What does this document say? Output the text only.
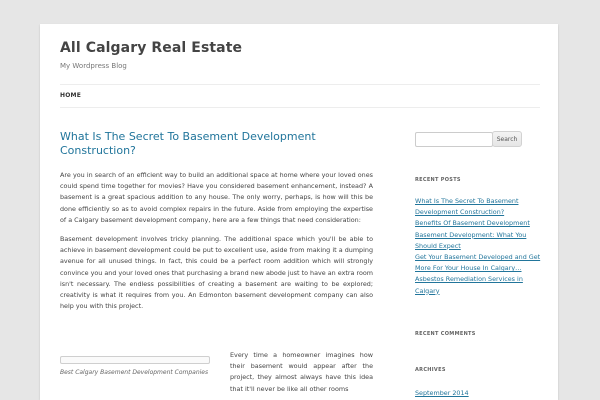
All Calgary Real Estate
My Wordpress Blog
HOME
What Is The Secret To Basement Development Construction?

Are you in search of an efficient way to build an additional space at home where your loved ones could spend time together for movies? Have you considered basement enhancement, instead? A basement is a great spacious addition to any house. The only worry, perhaps, is how will this be done efficiently so as to avoid complex repairs in the future. Aside from employing the expertise of a Calgary basement development company, here are a few things that need consideration:

Basement development involves tricky planning. The additional space which you'll be able to achieve in basement development could be put to excellent use, aside from making it a dumping avenue for all unused things. In fact, this could be a perfect room addition which will strongly convince you and your loved ones that purchasing a brand new abode just to have an extra room isn't necessary. The endless possibilities of creating a basement are waiting to be explored; creativity is what it requires from you. An Edmonton basement development company can also help you with this project.

Best Calgary Basement Development Companies
Every time a homeowner imagines how their basement would appear after the project, they almost always have this idea that it'll never be like all other rooms
Search
RECENT POSTS
What Is The Secret To Basement Development Construction?
Benefits Of Basement Development
Basement Development: What You Should Expect
Get Your Basement Developed and Get More For Your House In Calgary…
Asbestos Remediation Services in Calgary
RECENT COMMENTS
ARCHIVES
September 2014
